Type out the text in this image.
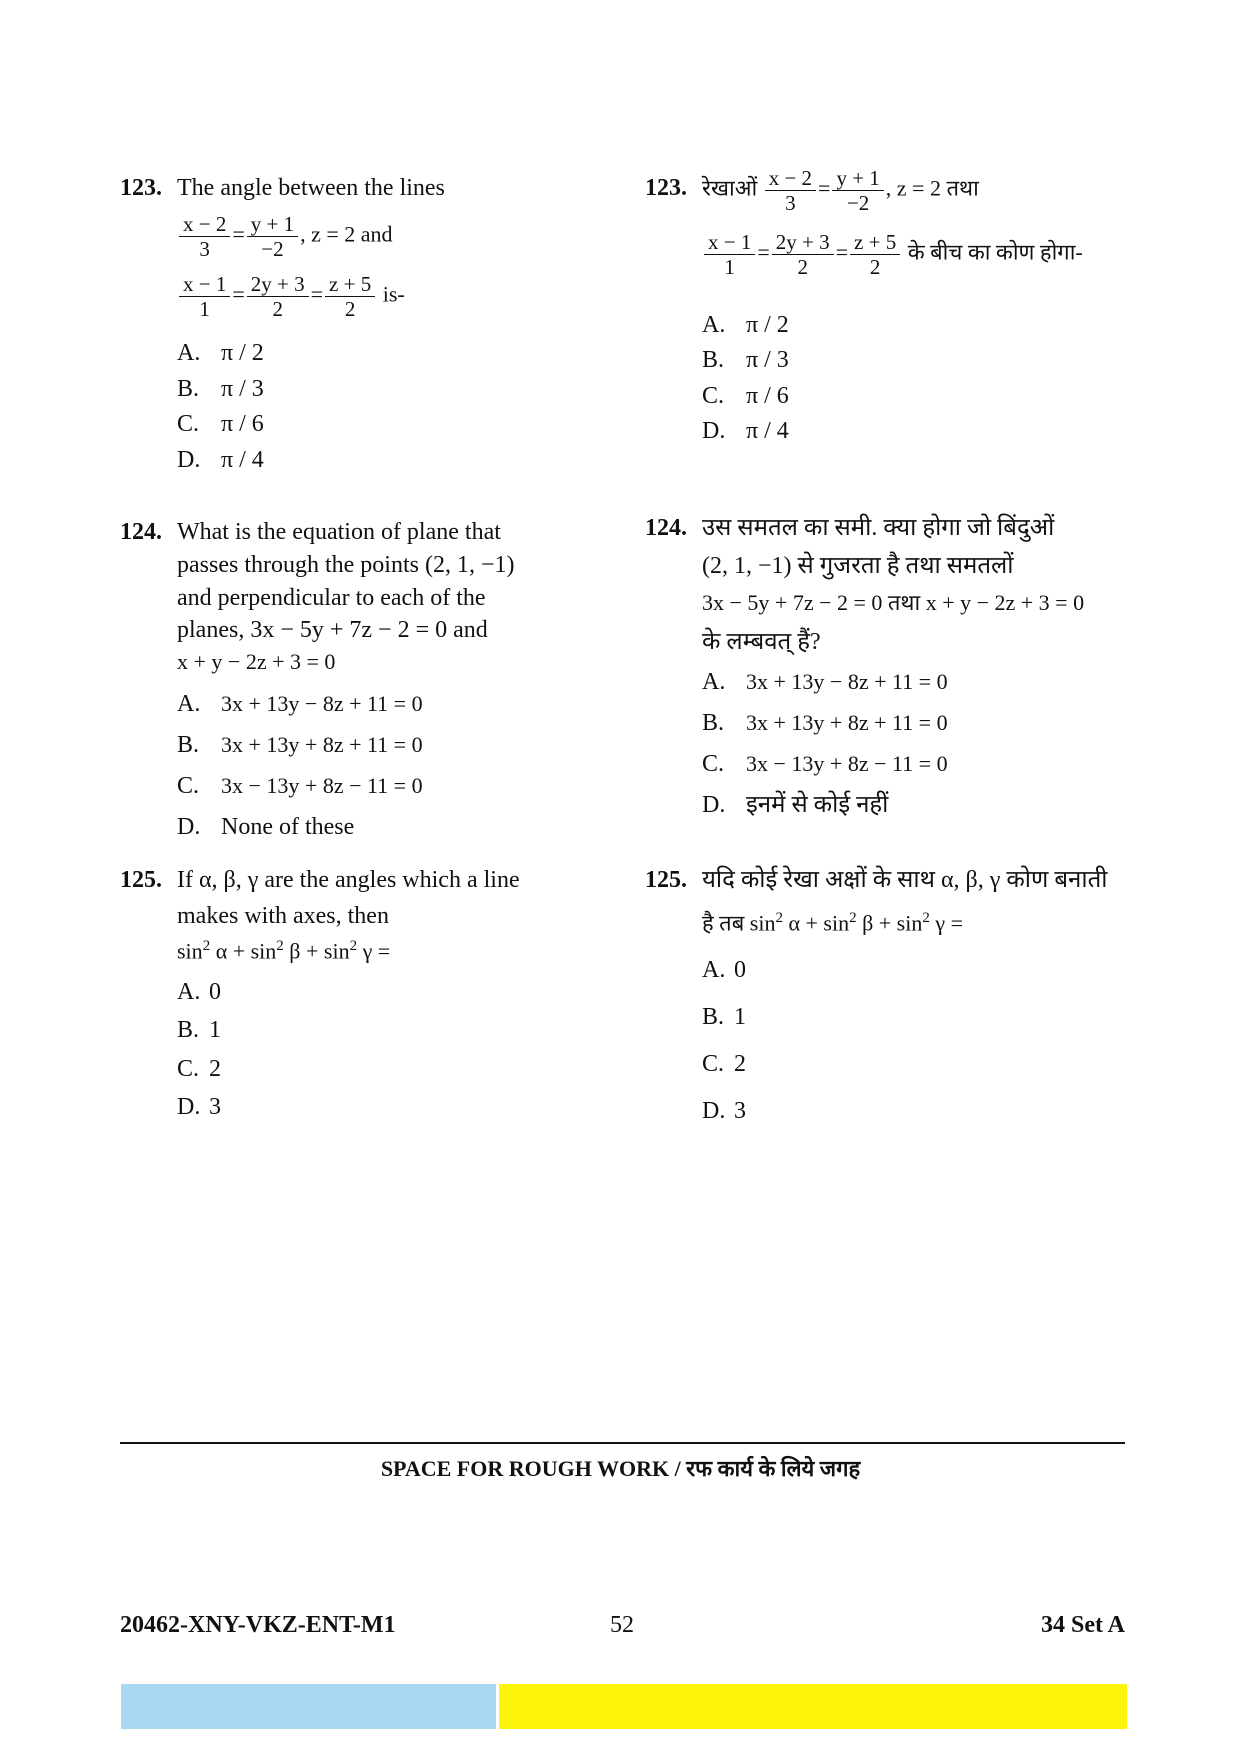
123. The angle between the lines
$\frac{x - 2}{3} = \frac{y + 1}{-2}$ , z = 2 and
$\frac{x - 1}{1} = \frac{2y + 3}{2} = \frac{z + 5}{2} is-$
A. π / 2
B. π / 3
C. π / 6
D. π / 4
124. What is the equation of plane that
passes through the points (2, 1, −1)
and perpendicular to each of the
planes, 3x − 5y + 7z − 2 = 0 and
x + y − 2z + 3 = 0
A. 3x + 13y − 8z + 11 = 0
B. 3x + 13y + 8z + 11 = 0
C. 3x − 13y + 8z − 11 = 0
D. None of these
125. If α, β, γ are the angles which a line
makes with axes, then
$\sin^2 \alpha + \sin^2 \beta + \sin^2 \gamma$ =
A. 0
B. 1
C. 2
D. 3
123. रेखाओं $\frac{x - 2}{3} = \frac{y + 1}{-2}$ , z = 2 तथा
$\frac{x - 1}{1} = \frac{2y + 3}{2} = \frac{z + 5}{2}$ के बीच का कोण होगा-
A. π / 2
B. π / 3
C. π / 6
D. π / 4
124. उस समतल का समी. क्या होगा जो बिंदुओं
(2, 1, −1) से गुजरता है तथा समतलों
3x − 5y + 7z − 2 = 0 तथा x + y − 2z + 3 = 0
के लम्बवत् हैं?
A. 3x + 13y − 8z + 11 = 0
B. 3x + 13y + 8z + 11 = 0
C. 3x − 13y + 8z − 11 = 0
D. इनमें से कोई नहीं
125. यदि कोई रेखा अक्षों के साथ α, β, γ कोण बनाती
है तब $\sin^2 \alpha + \sin^2 \beta + \sin^2 \gamma$ =
A. 0
B. 1
C. 2
D. 3
SPACE FOR ROUGH WORK / रफ कार्य के लिये जगह
20462-XNY-VKZ-ENT-M1	52	34 Set A
